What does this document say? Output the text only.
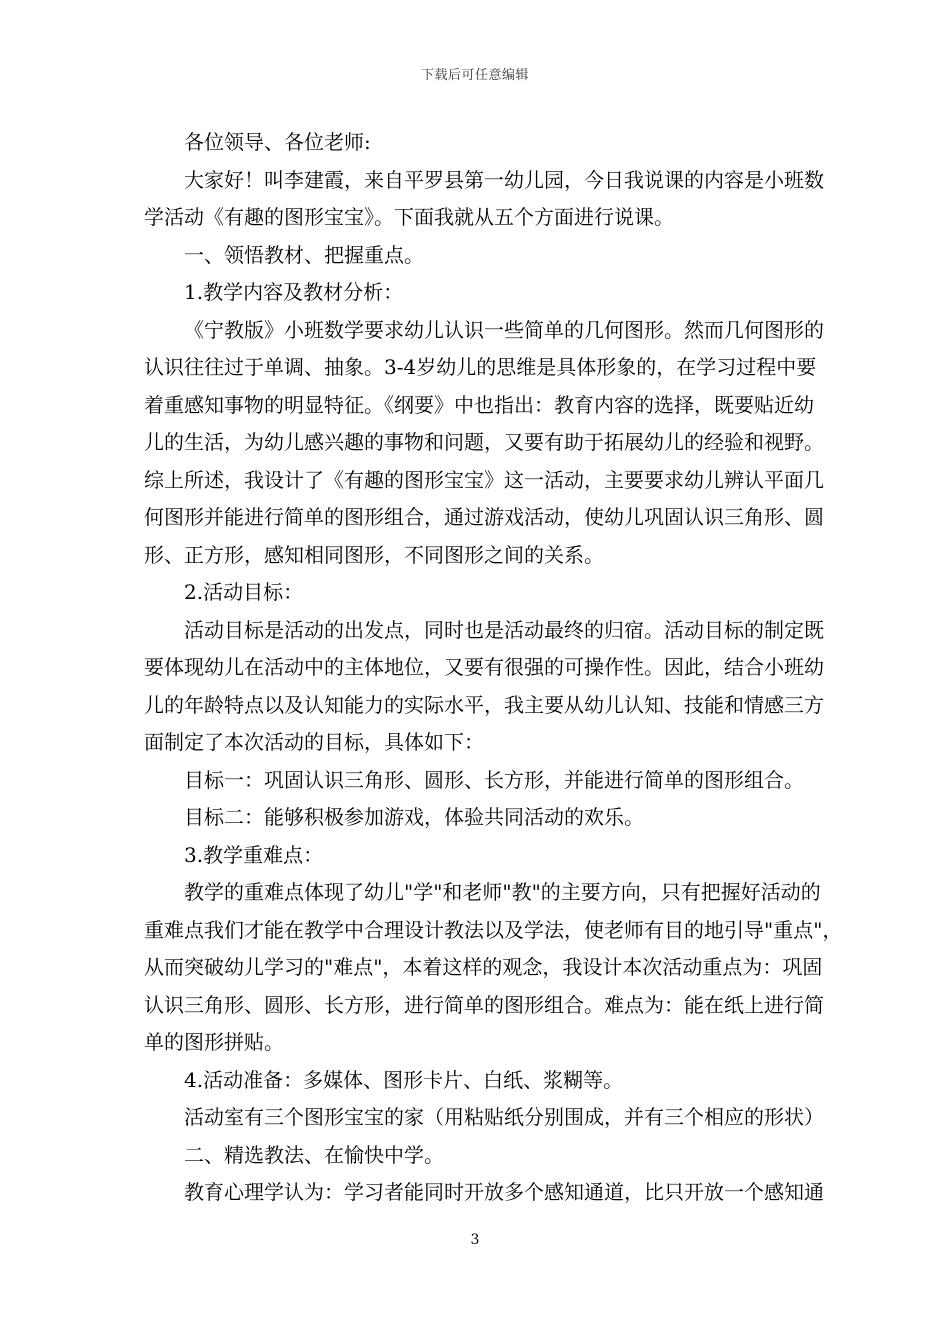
下载后可任意编辑
各位领导、各位老师:
大家好！叫李建霞，来自平罗县第一幼儿园，今日我说课的内容是小班数
学活动《有趣的图形宝宝》。下面我就从五个方面进行说课。
一、领悟教材、把握重点。
1.教学内容及教材分析：
《宁教版》小班数学要求幼儿认识一些简单的几何图形。然而几何图形的
认识往往过于单调、抽象。3-4岁幼儿的思维是具体形象的，在学习过程中要
着重感知事物的明显特征。《纲要》中也指出：教育内容的选择，既要贴近幼
儿的生活，为幼儿感兴趣的事物和问题，又要有助于拓展幼儿的经验和视野。
综上所述，我设计了《有趣的图形宝宝》这一活动，主要要求幼儿辨认平面几
何图形并能进行简单的图形组合，通过游戏活动，使幼儿巩固认识三角形、圆
形、正方形，感知相同图形，不同图形之间的关系。
2.活动目标：
活动目标是活动的出发点，同时也是活动最终的归宿。活动目标的制定既
要体现幼儿在活动中的主体地位，又要有很强的可操作性。因此，结合小班幼
儿的年龄特点以及认知能力的实际水平，我主要从幼儿认知、技能和情感三方
面制定了本次活动的目标，具体如下：
目标一：巩固认识三角形、圆形、长方形，并能进行简单的图形组合。
目标二：能够积极参加游戏，体验共同活动的欢乐。
3.教学重难点：
教学的重难点体现了幼儿"学"和老师"教"的主要方向，只有把握好活动的
重难点我们才能在教学中合理设计教法以及学法，使老师有目的地引导"重点"，
从而突破幼儿学习的"难点"，本着这样的观念，我设计本次活动重点为：巩固
认识三角形、圆形、长方形，进行简单的图形组合。难点为：能在纸上进行简
单的图形拼贴。
4.活动准备：多媒体、图形卡片、白纸、浆糊等。
活动室有三个图形宝宝的家（用粘贴纸分别围成，并有三个相应的形状）
二、精选教法、在愉快中学。
教育心理学认为：学习者能同时开放多个感知通道，比只开放一个感知通
3
